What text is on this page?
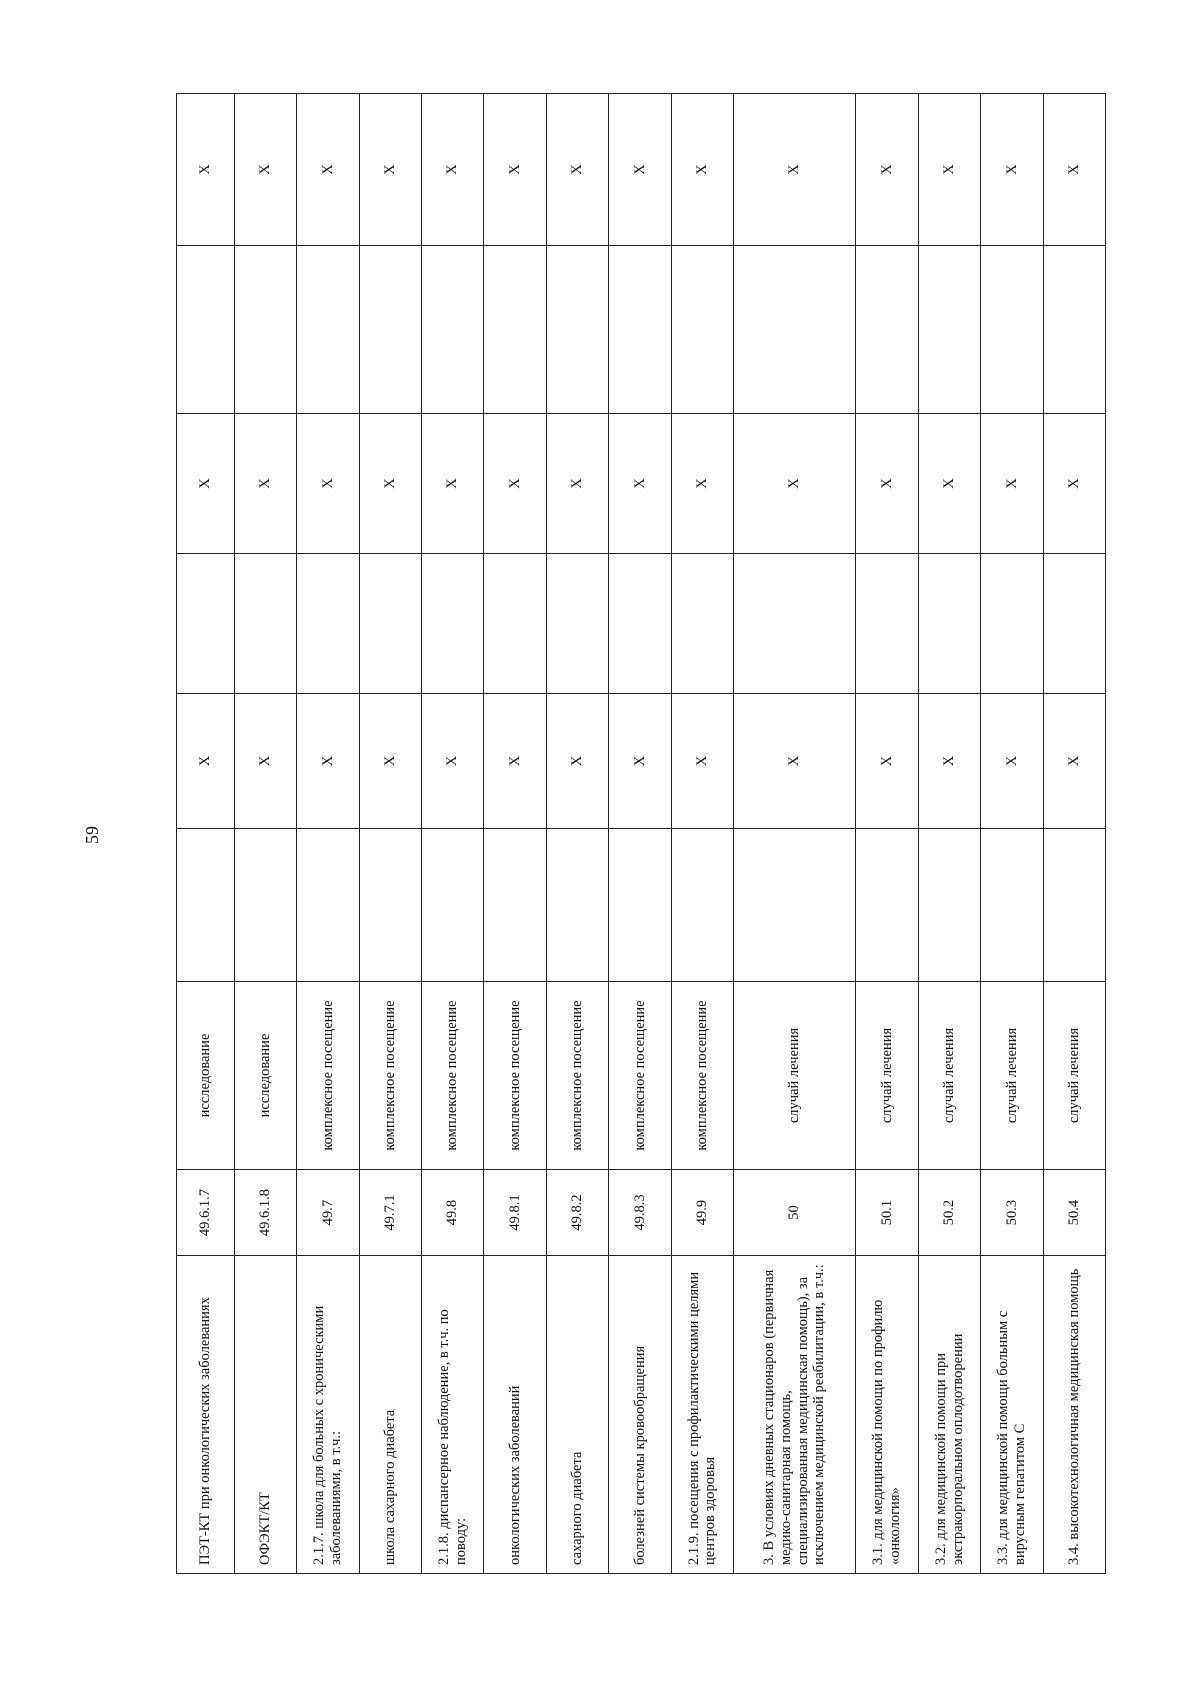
59
ПЭТ-КТ при онкологических заболеваниях	49.6.1.7	исследование		X		X		X
ОФЭКТ/КТ	49.6.1.8	исследование		X		X		X
2.1.7. школа для больных с хроническими заболеваниями, в т.ч.:	49.7	комплексное посещение		X		X		X
школа сахарного диабета	49.7.1	комплексное посещение		X		X		X
2.1.8. диспансерное наблюдение, в т.ч. по поводу:	49.8	комплексное посещение		X		X		X
онкологических заболеваний	49.8.1	комплексное посещение		X		X		X
сахарного диабета	49.8.2	комплексное посещение		X		X		X
болезней системы кровообращения	49.8.3	комплексное посещение		X		X		X
2.1.9. посещения с профилактическими целями центров здоровья	49.9	комплексное посещение		X		X		X
3. В условиях дневных стационаров (первичная медико-санитарная помощь, специализированная медицинская помощь), за исключением медицинской реабилитации, в т.ч.:	50	случай лечения		X		X		X
3.1. для медицинской помощи по профилю «онкология»	50.1	случай лечения		X		X		X
3.2. для медицинской помощи при экстракорпоральном оплодотворении	50.2	случай лечения		X		X		X
3.3. для медицинской помощи больным с вирусным гепатитом С	50.3	случай лечения		X		X		X
3.4. высокотехнологичная медицинская помощь	50.4	случай лечения		X		X		X
